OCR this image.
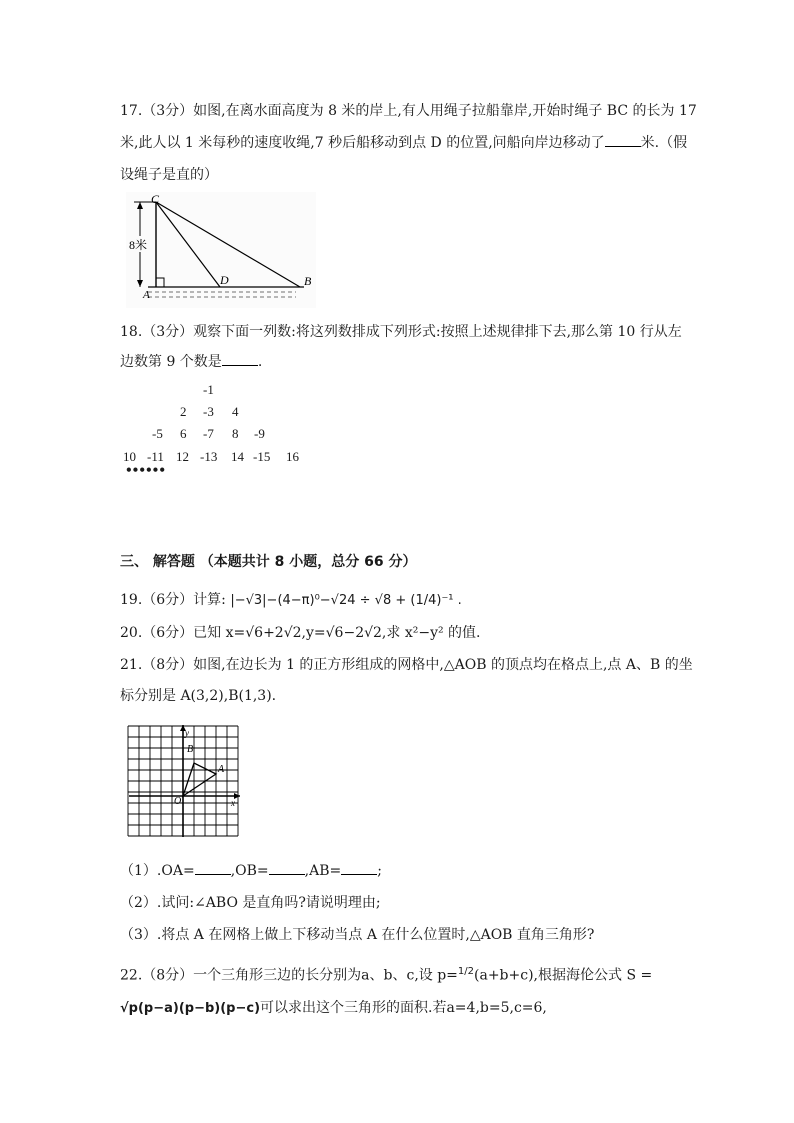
17.（3分）如图,在离水面高度为 8 米的岸上,有人用绳子拉船靠岸,开始时绳子 BC 的长为 17
米,此人以 1 米每秒的速度收绳,7 秒后船移动到点 D 的位置,问船向岸边移动了	米.（假
设绳子是直的）
8米
C
D	B
A
18.（3分）观察下面一列数:将这列数排成下列形式:按照上述规律排下去,那么第 10 行从左
边数第 9 个数是	.
-1
2 -3 4
-5 6 -7 8 -9
10 -11 12 -13 14 -15 16
••••••
三、 解答题 （本题共计 8 小题，总分 66 分）
19.（6分）计算: |−√3|−(4−π)⁰−√24 ÷ √8 + (1/4)⁻¹ .
20.（6分）已知 x=√6+2√2,y=√6−2√2,求 x²−y² 的值.
21.（8分）如图,在边长为 1 的正方形组成的网格中,△AOB 的顶点均在格点上,点 A、B 的坐
标分别是 A(3,2),B(1,3).
y
x
O
A
B
（1）.OA=	,OB=	,AB=	;
（2）.试问:∠ABO 是直角吗?请说明理由;
（3）.将点 A 在网格上做上下移动当点 A 在什么位置时,△AOB 直角三角形?
22.（8分）一个三角形三边的长分别为a、b、c,设 p=$^{1/2}$(a+b+c),根据海伦公式 S =
√p(p−a)(p−b)(p−c)可以求出这个三角形的面积.若a=4,b=5,c=6,
